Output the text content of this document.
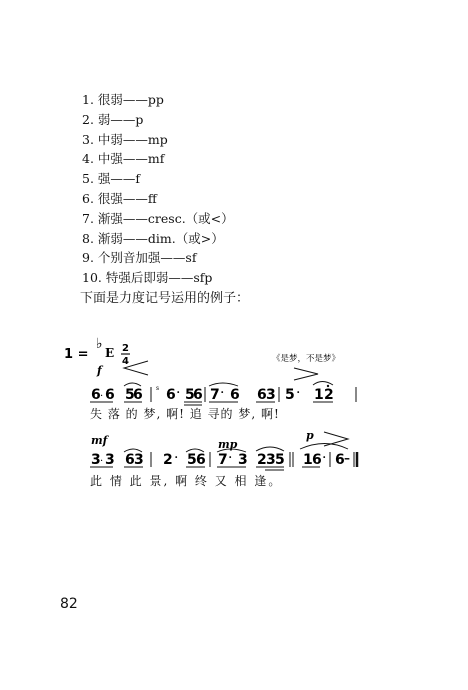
1. 很弱——pp
2. 弱——p
3. 中弱——mp
4. 中强——mf
5. 强——f
6. 很强——ff
7. 渐强——cresc.（或<）
8. 渐弱——dim.（或>）
9. 个别音加强——sf
10. 特强后即弱——sfp
下面是力度记号运用的例子：
1 =
♭
E 2
4
f
《是梦，不是梦》
6 · 6 5
6 s 6 · 5
6 7 · 6 6 3 5 · 1 2
mf	mp
p
3 · 3 6 3 2 · 5 6 7 · 3 2 3 5 1 6 · 6 –
失 落 的 梦, 啊! 追 寻的 梦, 啊!
此 情 此 景, 啊 终 又 相 逢。
82
